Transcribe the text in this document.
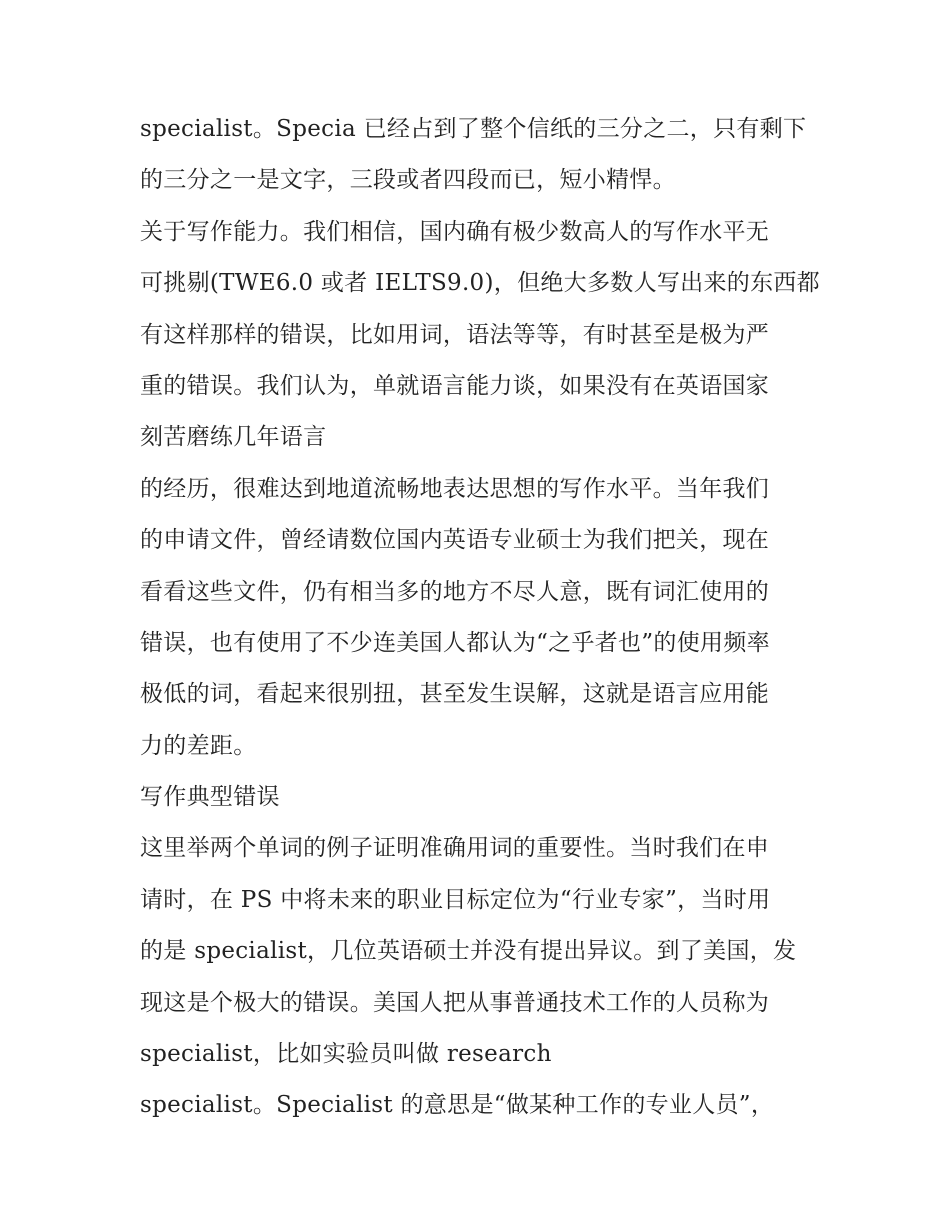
specialist。Specia 已经占到了整个信纸的三分之二，只有剩下
的三分之一是文字，三段或者四段而已，短小精悍。
关于写作能力。我们相信，国内确有极少数高人的写作水平无
可挑剔(TWE6.0 或者 IELTS9.0)，但绝大多数人写出来的东西都
有这样那样的错误，比如用词，语法等等，有时甚至是极为严
重的错误。我们认为，单就语言能力谈，如果没有在英语国家
刻苦磨练几年语言
的经历，很难达到地道流畅地表达思想的写作水平。当年我们
的申请文件，曾经请数位国内英语专业硕士为我们把关，现在
看看这些文件，仍有相当多的地方不尽人意，既有词汇使用的
错误，也有使用了不少连美国人都认为“之乎者也”的使用频率
极低的词，看起来很别扭，甚至发生误解，这就是语言应用能
力的差距。
写作典型错误
这里举两个单词的例子证明准确用词的重要性。当时我们在申
请时，在 PS 中将未来的职业目标定位为“行业专家”，当时用
的是 specialist，几位英语硕士并没有提出异议。到了美国，发
现这是个极大的错误。美国人把从事普通技术工作的人员称为
specialist，比如实验员叫做 research
specialist。Specialist 的意思是“做某种工作的专业人员”，
